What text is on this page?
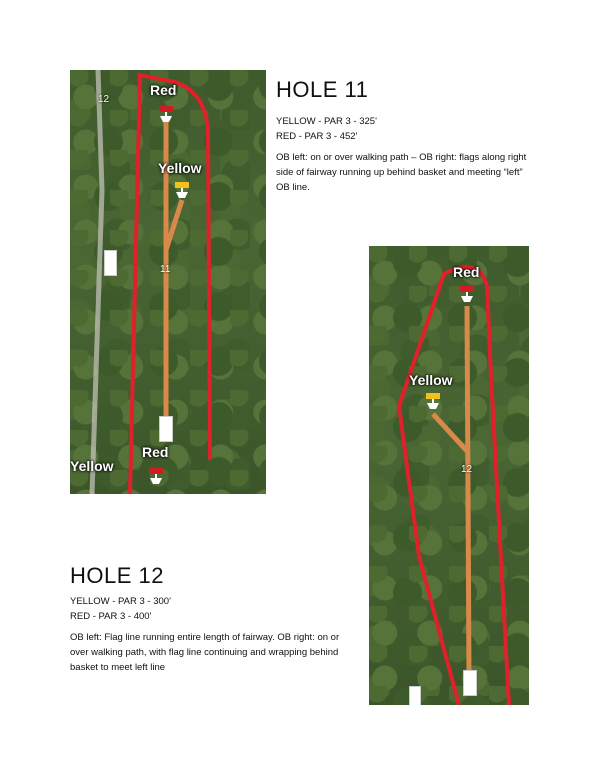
12
Red
Yellow
11
Red
Yellow
HOLE 11

YELLOW - PAR 3 - 325'

RED - PAR 3 - 452'

OB left: on or over walking path – OB right: flags along right side of fairway running up behind basket and meeting “left” OB line.

Red
Yellow
12
HOLE 12

YELLOW - PAR 3 - 300'

RED - PAR 3 - 400'

OB left: Flag line running entire length of fairway. OB right: on or over walking path, with flag line continuing and wrapping behind basket to meet left line
